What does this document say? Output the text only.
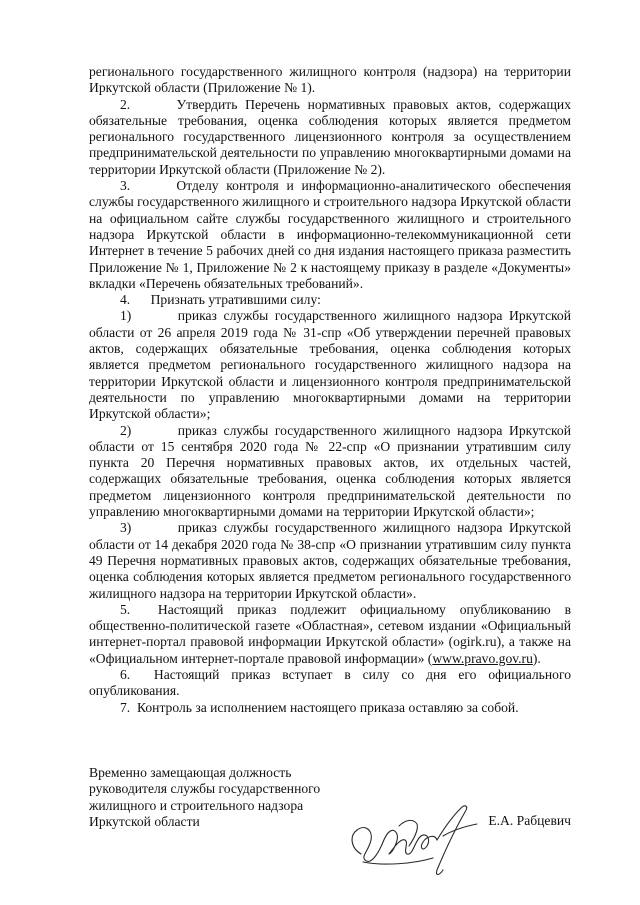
регионального государственного жилищного контроля (надзора) на территории Иркутской области (Приложение № 1).

2.      Утвердить Перечень нормативных правовых актов, содержащих обязательные требования, оценка соблюдения которых является предметом регионального государственного лицензионного контроля за осуществлением предпринимательской деятельности по управлению многоквартирными домами на территории Иркутской области (Приложение № 2).

3.      Отделу контроля и информационно-аналитического обеспечения службы государственного жилищного и строительного надзора Иркутской области на официальном сайте службы государственного жилищного и строительного надзора Иркутской области в информационно-телекоммуникационной сети Интернет в течение 5 рабочих дней со дня издания настоящего приказа разместить Приложение № 1, Приложение № 2 к настоящему приказу в разделе «Документы» вкладки «Перечень обязательных требований».

4.      Признать утратившими силу:

1)       приказ службы государственного жилищного надзора Иркутской области от 26 апреля 2019 года № 31-спр «Об утверждении перечней правовых актов, содержащих обязательные требования, оценка соблюдения которых является предметом регионального государственного жилищного надзора на территории Иркутской области и лицензионного контроля предпринимательской деятельности по управлению многоквартирными домами на территории Иркутской области»;

2)       приказ службы государственного жилищного надзора Иркутской области от 15 сентября 2020 года № 22-спр «О признании утратившим силу пункта 20 Перечня нормативных правовых актов, их отдельных частей, содержащих обязательные требования, оценка соблюдения которых является предметом лицензионного контроля предпринимательской деятельности по управлению многоквартирными домами на территории Иркутской области»;

3)       приказ службы государственного жилищного надзора Иркутской области от 14 декабря 2020 года № 38-спр «О признании утратившим силу пункта 49 Перечня нормативных правовых актов, содержащих обязательные требования, оценка соблюдения которых является предметом регионального государственного жилищного надзора на территории Иркутской области».

5.  Настоящий приказ подлежит официальному опубликованию в общественно-политической газете «Областная», сетевом издании «Официальный интернет-портал правовой информации Иркутской области» (ogirk.ru), а также на «Официальном интернет-портале правовой информации» (www.pravo.gov.ru).

6.  Настоящий приказ вступает в силу со дня его официального опубликования.

7.  Контроль за исполнением настоящего приказа оставляю за собой.

Временно замещающая должность
руководителя службы государственного
жилищного и строительного надзора
Иркутской области	Е.А. Рабцевич
